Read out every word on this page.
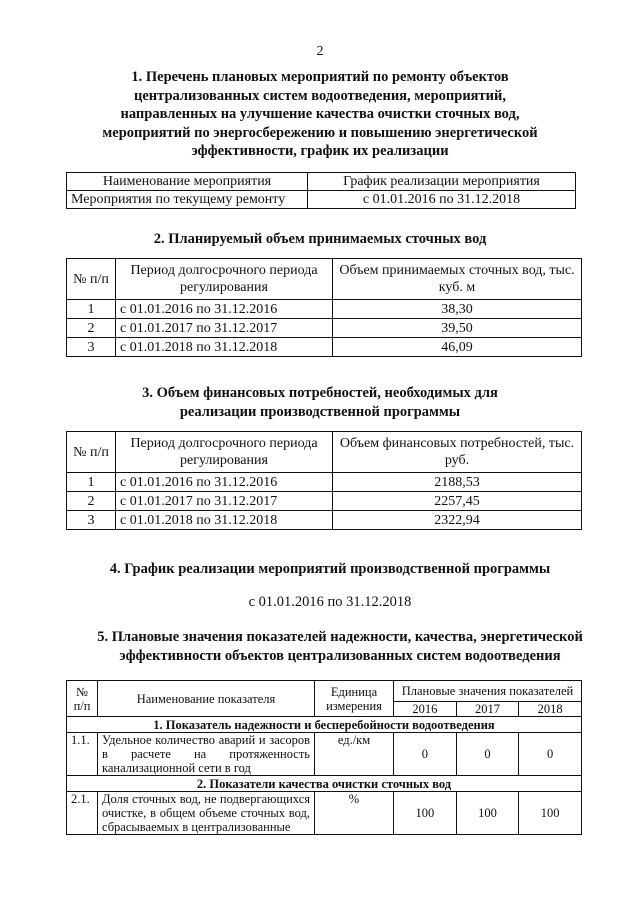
2
1. Перечень плановых мероприятий по ремонту объектов
централизованных систем водоотведения, мероприятий,
направленных на улучшение качества очистки сточных вод,
мероприятий по энергосбережению и повышению энергетической
эффективности, график их реализации
Наименование мероприятия	График реализации мероприятия
Мероприятия по текущему ремонту	с 01.01.2016 по 31.12.2018
2. Планируемый объем принимаемых сточных вод
№ п/п	Период долгосрочного периода регулирования	Объем принимаемых сточных вод, тыс. куб. м
1	с 01.01.2016 по 31.12.2016	38,30
2	с 01.01.2017 по 31.12.2017	39,50
3	с 01.01.2018 по 31.12.2018	46,09
3. Объем финансовых потребностей, необходимых для
реализации производственной программы
№ п/п	Период долгосрочного периода регулирования	Объем финансовых потребностей, тыс. руб.
1	с 01.01.2016 по 31.12.2016	2188,53
2	с 01.01.2017 по 31.12.2017	2257,45
3	с 01.01.2018 по 31.12.2018	2322,94
4. График реализации мероприятий производственной программы
с 01.01.2016 по 31.12.2018
5. Плановые значения показателей надежности, качества, энергетической
эффективности объектов централизованных систем водоотведения
№ п/п	Наименование показателя	Единица измерения	Плановые значения показателей		
			2016	2017	2018
1. Показатель надежности и бесперебойности водоотведения					
1.1.	Удельное количество аварий и засоров в расчете на протяженность канализационной сети в год	ед./км	0	0	0
2. Показатели качества очистки сточных вод					
2.1.	Доля сточных вод, не подвергающихся очистке, в общем объеме сточных вод, сбрасываемых в централизованные	%	100	100	100
